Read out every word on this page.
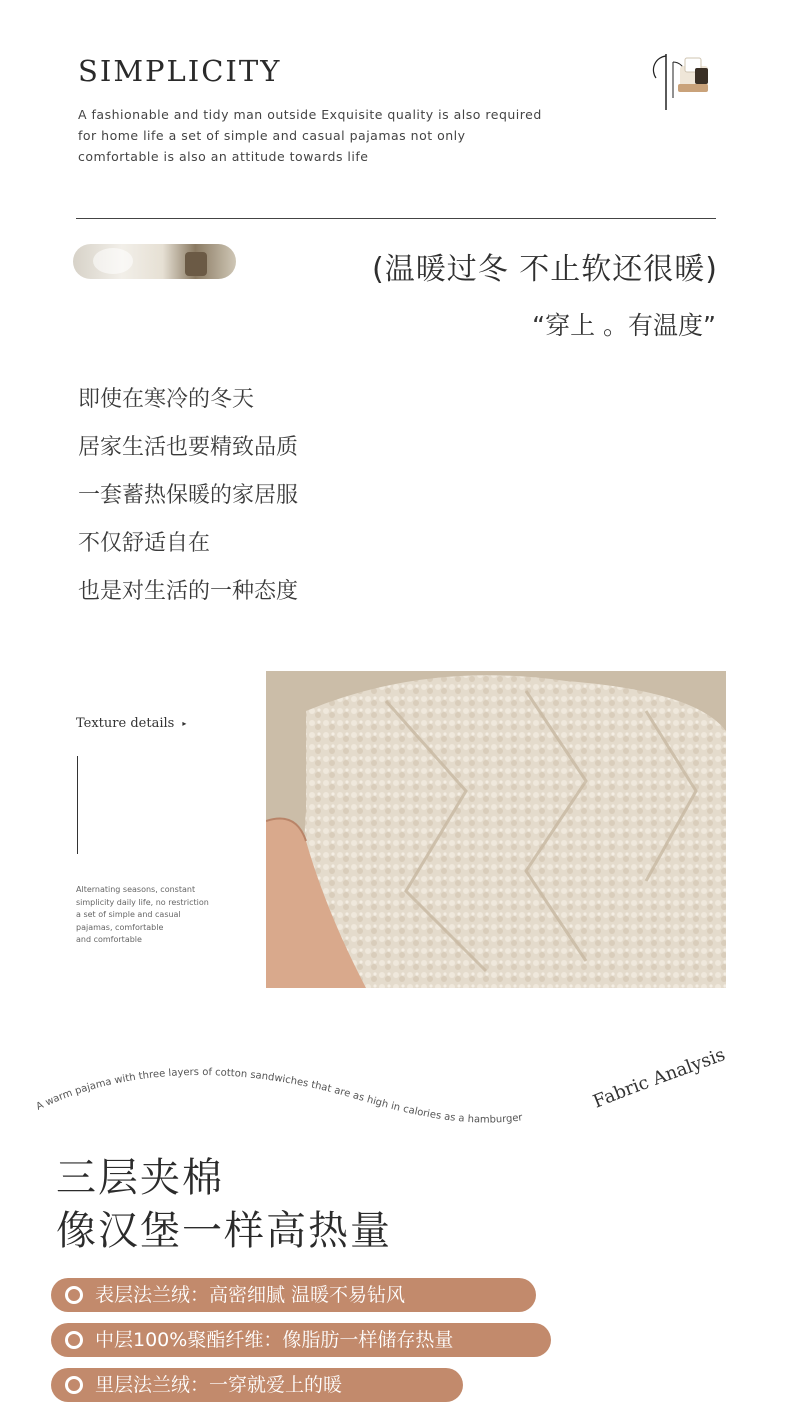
SIMPLICITY
A fashionable and tidy man outside Exquisite quality is also required
for home life a set of simple and casual pajamas not only
comfortable is also an attitude towards life
(温暖过冬 不止软还很暖)
“穿上 。有温度”
即使在寒冷的冬天
居家生活也要精致品质
一套蓄热保暖的家居服
不仅舒适自在
也是对生活的一种态度
Texture details ▸
Alternating seasons, constant
simplicity daily life, no restriction
a set of simple and casual
pajamas, comfortable
and comfortable
A warm pajama with three layers of cotton sandwiches that are as high in calories as a hamburger
Fabric Analysis
三层夹棉
像汉堡一样高热量
表层法兰绒：高密细腻 温暖不易钻风
中层100%聚酯纤维：像脂肪一样储存热量
里层法兰绒：一穿就爱上的暖
